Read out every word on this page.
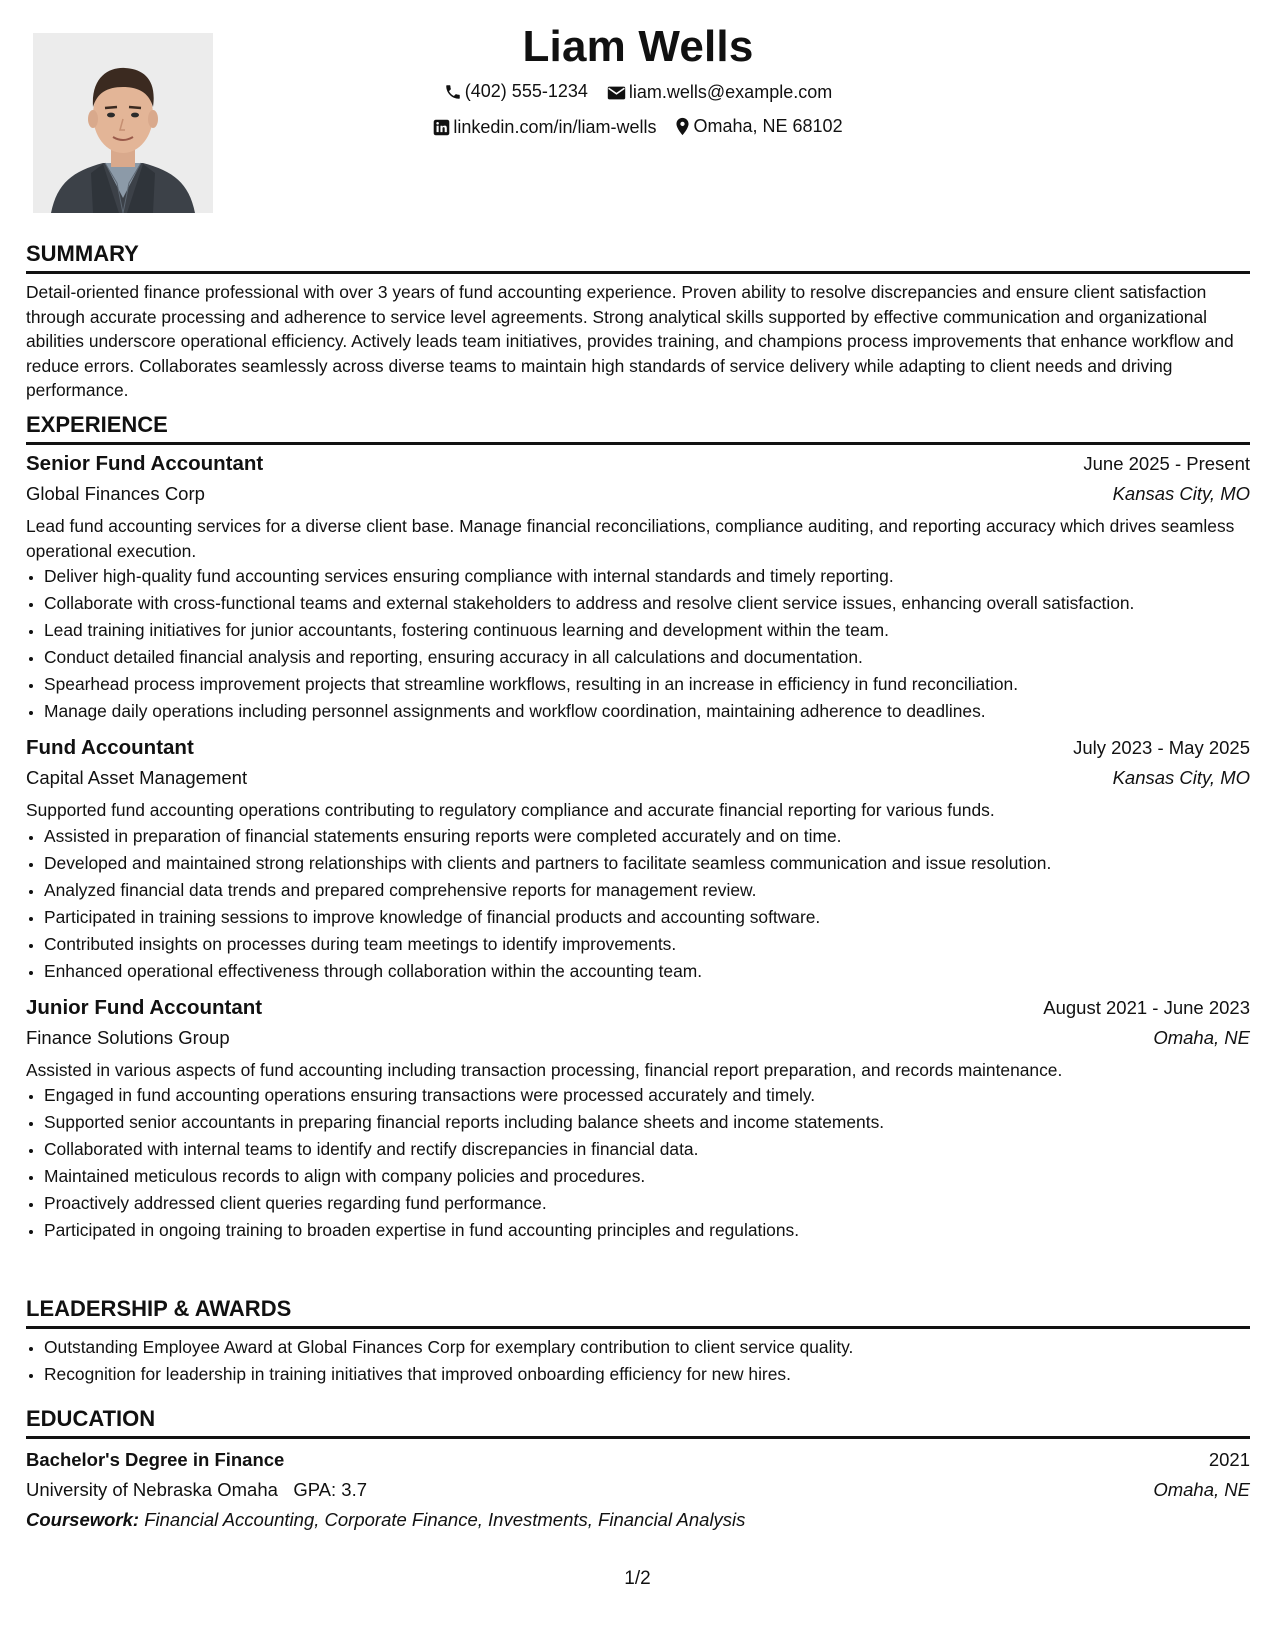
Liam Wells
(402) 555-1234
liam.wells@example.com
linkedin.com/in/liam-wells
Omaha, NE 68102
SUMMARY
Detail-oriented finance professional with over 3 years of fund accounting experience. Proven ability to resolve discrepancies and ensure client satisfaction through accurate processing and adherence to service level agreements. Strong analytical skills supported by effective communication and organizational abilities underscore operational efficiency. Actively leads team initiatives, provides training, and champions process improvements that enhance workflow and reduce errors. Collaborates seamlessly across diverse teams to maintain high standards of service delivery while adapting to client needs and driving performance.
EXPERIENCE
Senior Fund Accountant	June 2025 - Present
Global Finances Corp	Kansas City, MO
Lead fund accounting services for a diverse client base. Manage financial reconciliations, compliance auditing, and reporting accuracy which drives seamless operational execution.
• Deliver high-quality fund accounting services ensuring compliance with internal standards and timely reporting.
• Collaborate with cross-functional teams and external stakeholders to address and resolve client service issues, enhancing overall satisfaction.
• Lead training initiatives for junior accountants, fostering continuous learning and development within the team.
• Conduct detailed financial analysis and reporting, ensuring accuracy in all calculations and documentation.
• Spearhead process improvement projects that streamline workflows, resulting in an increase in efficiency in fund reconciliation.
• Manage daily operations including personnel assignments and workflow coordination, maintaining adherence to deadlines.
Fund Accountant	July 2023 - May 2025
Capital Asset Management	Kansas City, MO
Supported fund accounting operations contributing to regulatory compliance and accurate financial reporting for various funds.
• Assisted in preparation of financial statements ensuring reports were completed accurately and on time.
• Developed and maintained strong relationships with clients and partners to facilitate seamless communication and issue resolution.
• Analyzed financial data trends and prepared comprehensive reports for management review.
• Participated in training sessions to improve knowledge of financial products and accounting software.
• Contributed insights on processes during team meetings to identify improvements.
• Enhanced operational effectiveness through collaboration within the accounting team.
Junior Fund Accountant	August 2021 - June 2023
Finance Solutions Group	Omaha, NE
Assisted in various aspects of fund accounting including transaction processing, financial report preparation, and records maintenance.
• Engaged in fund accounting operations ensuring transactions were processed accurately and timely.
• Supported senior accountants in preparing financial reports including balance sheets and income statements.
• Collaborated with internal teams to identify and rectify discrepancies in financial data.
• Maintained meticulous records to align with company policies and procedures.
• Proactively addressed client queries regarding fund performance.
• Participated in ongoing training to broaden expertise in fund accounting principles and regulations.
LEADERSHIP & AWARDS
• Outstanding Employee Award at Global Finances Corp for exemplary contribution to client service quality.
• Recognition for leadership in training initiatives that improved onboarding efficiency for new hires.
EDUCATION
Bachelor's Degree in Finance	2021
University of Nebraska Omaha GPA: 3.7	Omaha, NE
Coursework: Financial Accounting, Corporate Finance, Investments, Financial Analysis
1/2
